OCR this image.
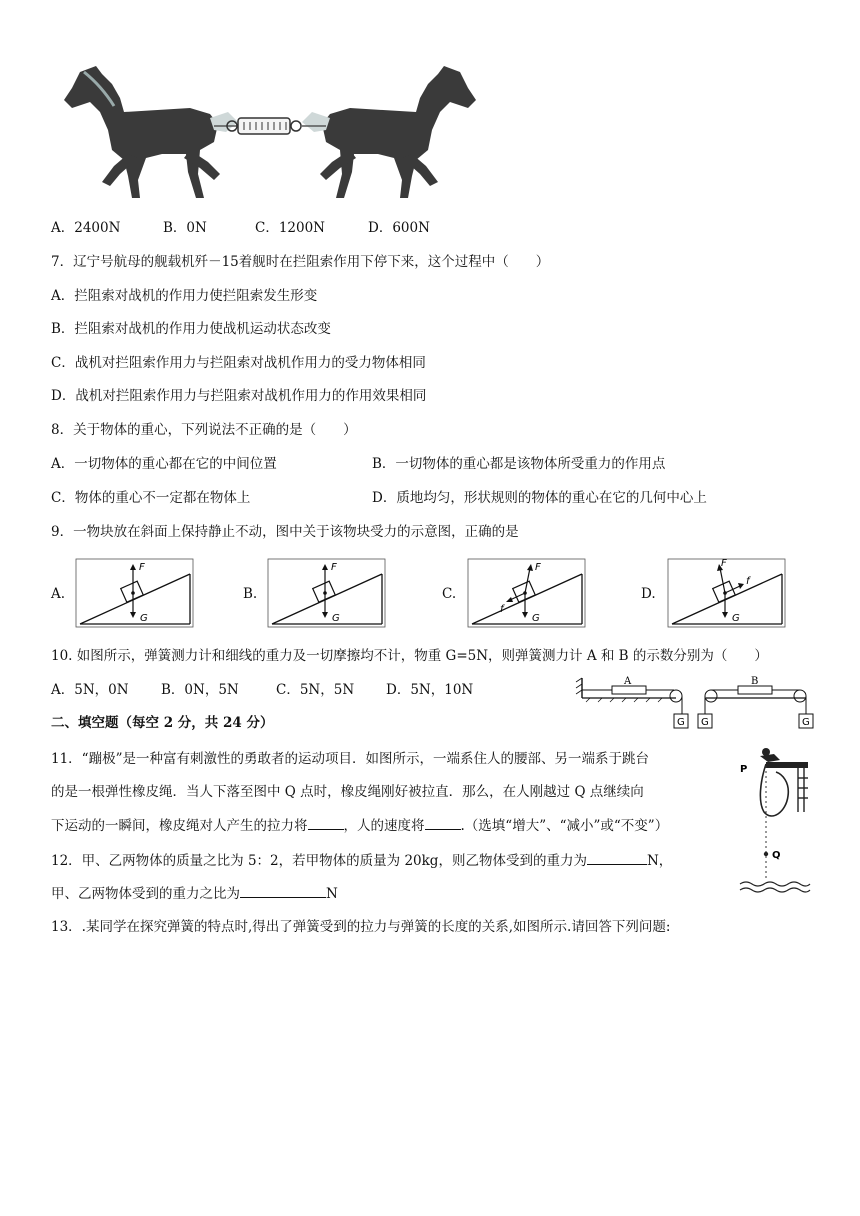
A．2400N	B．0N	C．1200N	D．600N
7．辽宁号航母的舰载机歼－15着舰时在拦阻索作用下停下来，这个过程中（　　）
A．拦阻索对战机的作用力使拦阻索发生形变
B．拦阻索对战机的作用力使战机运动状态改变
C．战机对拦阻索作用力与拦阻索对战机作用力的受力物体相同
D．战机对拦阻索作用力与拦阻索对战机作用力的作用效果相同
8．关于物体的重心，下列说法不正确的是（　　）
A．一切物体的重心都在它的中间位置	B．一切物体的重心都是该物体所受重力的作用点
C．物体的重心不一定都在物体上	D．质地均匀，形状规则的物体的重心在它的几何中心上
9．一物块放在斜面上保持静止不动，图中关于该物块受力的示意图，正确的是
A.	B.	C.	D.
F
G
F
G
F
f
G
F
f
G
10. 如图所示，弹簧测力计和细线的重力及一切摩擦均不计，物重 G=5N，则弹簧测力计 A 和 B 的示数分别为（　　）
A．5N，0N B．0N，5N	C．5N，5N D．5N，10N
A
G
B
G	G
二、填空题（每空 2 分，共 24 分）
11．“蹦极”是一种富有刺激性的勇敢者的运动项目．如图所示，一端系住人的腰部、另一端系于跳台
的是一根弹性橡皮绳．当人下落至图中 Q 点时，橡皮绳刚好被拉直．那么，在人刚越过 Q 点继续向
下运动的一瞬间，橡皮绳对人产生的拉力将	，人的速度将	.（选填“增大”、“减小”或“不变”）
P
Q
12．甲、乙两物体的质量之比为 5：2，若甲物体的质量为 20kg，则乙物体受到的重力为	N，
甲、乙两物体受到的重力之比为	N
13．.某同学在探究弹簧的特点时,得出了弹簧受到的拉力与弹簧的长度的关系,如图所示.请回答下列问题:
